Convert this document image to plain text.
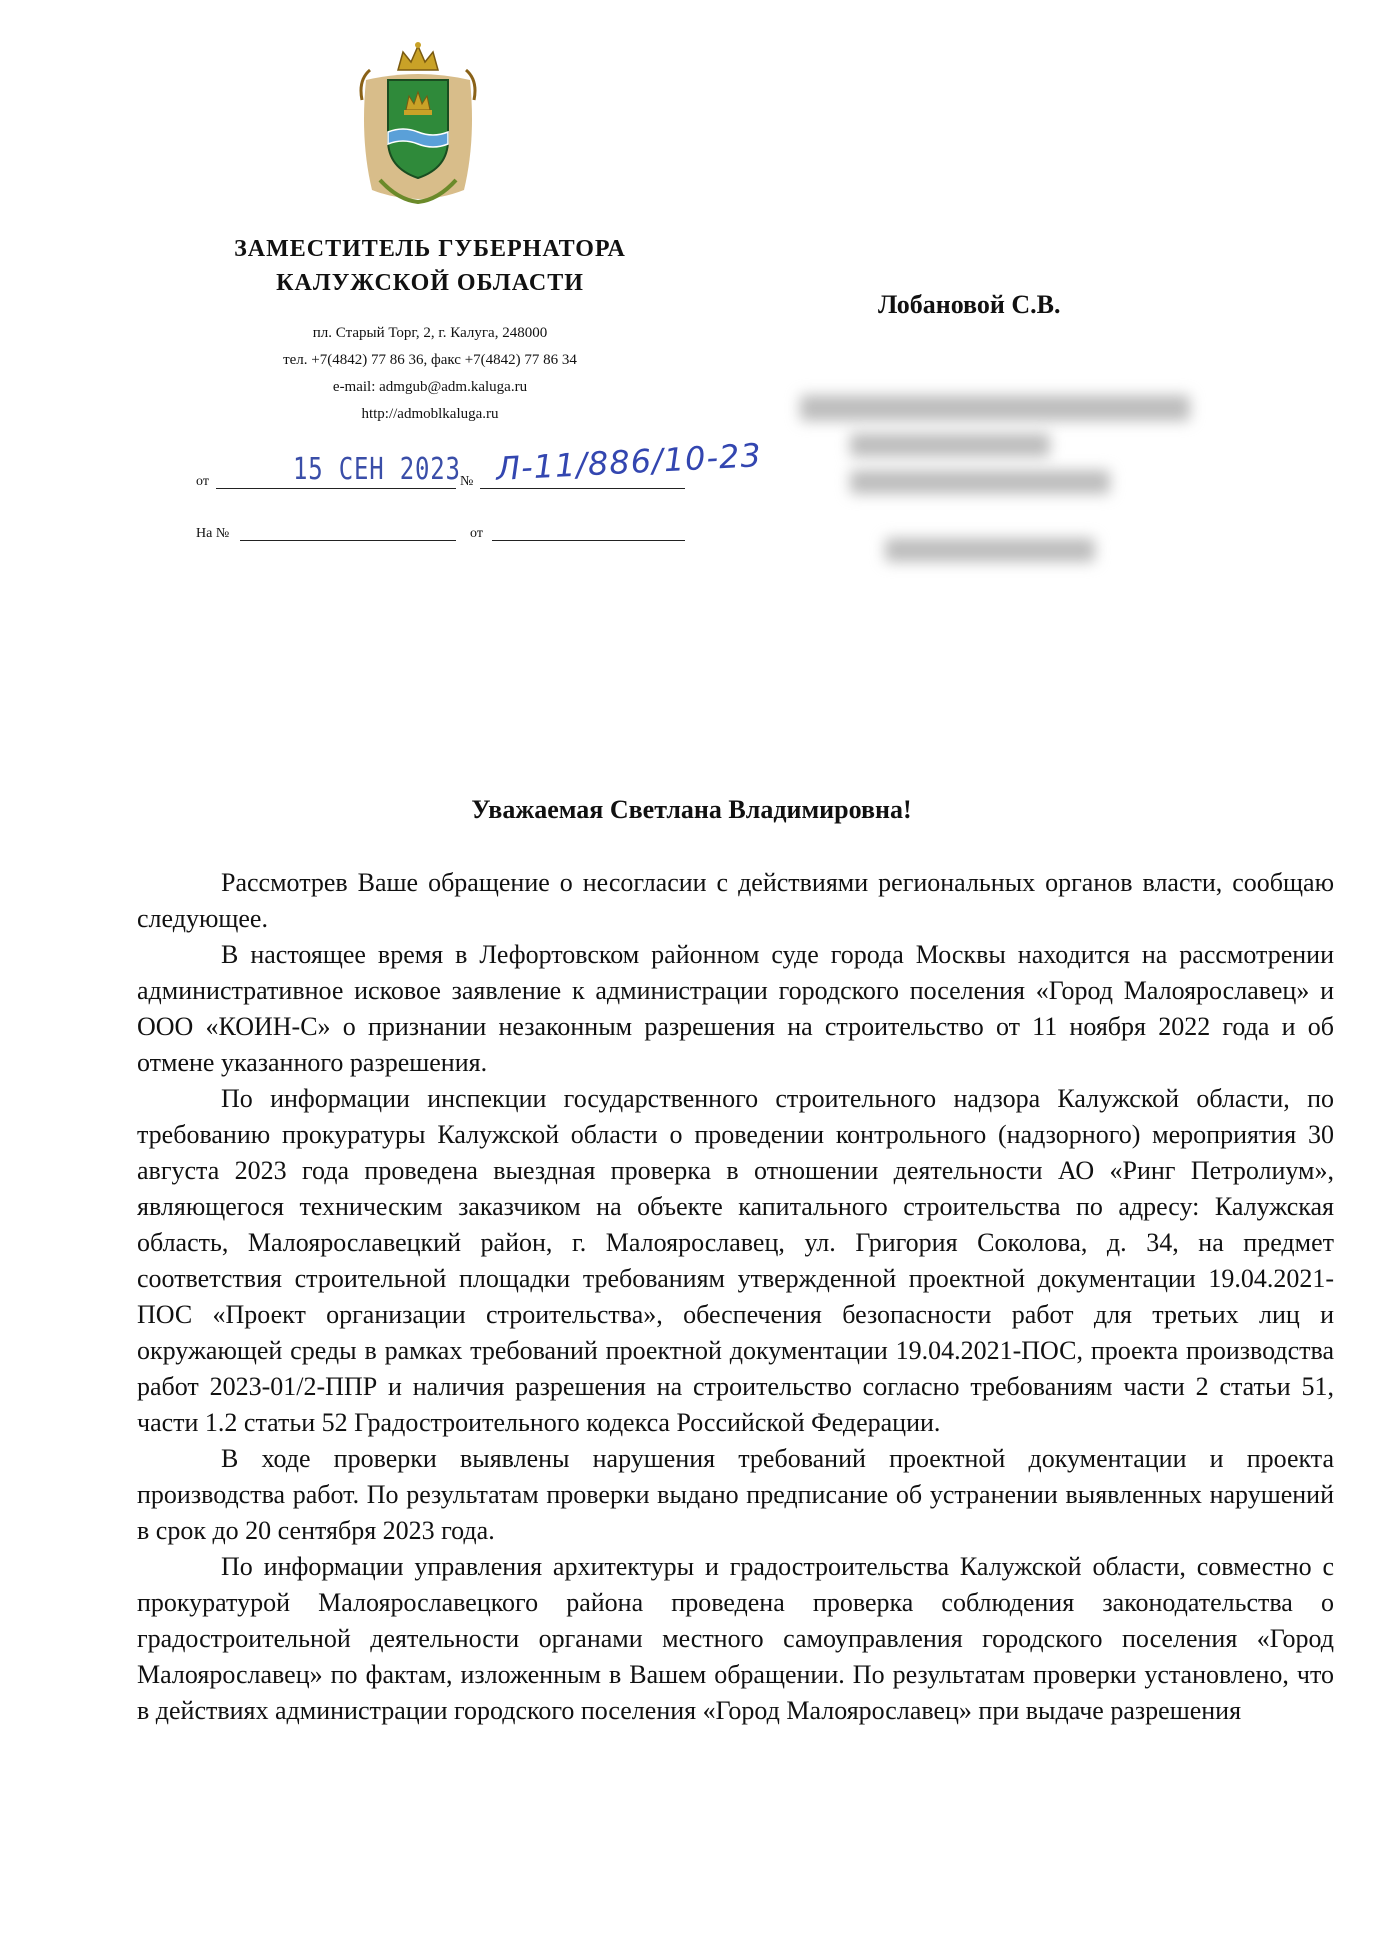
ЗАМЕСТИТЕЛЬ ГУБЕРНАТОРА
КАЛУЖСКОЙ ОБЛАСТИ
пл. Старый Торг, 2, г. Калуга, 248000
тел. +7(4842) 77 86 36, факс +7(4842) 77 86 34
e-mail: admgub@adm.kaluga.ru
http://admoblkaluga.ru
от	15 СЕН 2023 № Л-11/886/10-23
На №	от
Лобановой С.В.
Уважаемая Светлана Владимировна!

Рассмотрев Ваше обращение о несогласии с действиями региональных органов власти, сообщаю следующее.

В настоящее время в Лефортовском районном суде города Москвы находится на рассмотрении административное исковое заявление к администрации городского поселения «Город Малоярославец» и ООО «КОИН-С» о признании незаконным разрешения на строительство от 11 ноября 2022 года и об отмене указанного разрешения.

По информации инспекции государственного строительного надзора Калужской области, по требованию прокуратуры Калужской области о проведении контрольного (надзорного) мероприятия 30 августа 2023 года проведена выездная проверка в отношении деятельности АО «Ринг Петролиум», являющегося техническим заказчиком на объекте капитального строительства по адресу: Калужская область, Малоярославецкий район, г. Малоярославец, ул. Григория Соколова, д. 34, на предмет соответствия строительной площадки требованиям утвержденной проектной документации 19.04.2021-ПОС «Проект организации строительства», обеспечения безопасности работ для третьих лиц и окружающей среды в рамках требований проектной документации 19.04.2021-ПОС, проекта производства работ 2023-01/2-ППР и наличия разрешения на строительство согласно требованиям части 2 статьи 51, части 1.2 статьи 52 Градостроительного кодекса Российской Федерации.

В ходе проверки выявлены нарушения требований проектной документации и проекта производства работ. По результатам проверки выдано предписание об устранении выявленных нарушений в срок до 20 сентября 2023 года.

По информации управления архитектуры и градостроительства Калужской области, совместно с прокуратурой Малоярославецкого района проведена проверка соблюдения законодательства о градостроительной деятельности органами местного самоуправления городского поселения «Город Малоярославец» по фактам, изложенным в Вашем обращении. По результатам проверки установлено, что в действиях администрации городского поселения «Город Малоярославец» при выдаче разрешения
